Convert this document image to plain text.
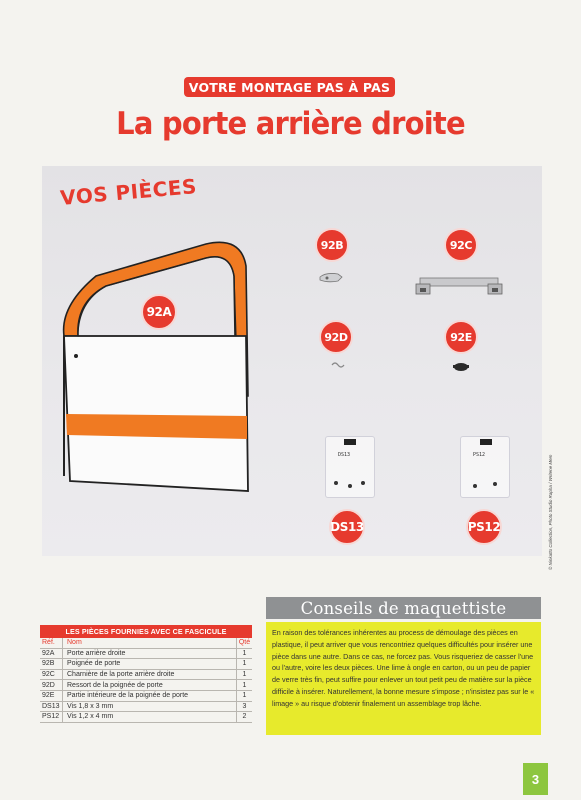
VOTRE MONTAGE PAS À PAS
La porte arrière droite
VOS PIÈCES
92A
92B	92C
92D	92E
DS13	PS12
DS13	PS12	© Ninkatto Collection, Photo Studio Rapha / Writene Mem
LES PIÈCES FOURNIES AVEC CE FASCICULE
Réf.	Nom	Qté
92A	Porte arrière droite	1
92B	Poignée de porte	1
92C	Charnière de la porte arrière droite	1
92D	Ressort de la poignée de porte	1
92E	Partie intérieure de la poignée de porte	1
DS13	Vis 1,8 x 3 mm	3
PS12	Vis 1,2 x 4 mm	2
Conseils de maquettiste
En raison des tolérances inhérentes au process de démoulage des pièces en plastique, il peut arriver que vous rencontriez quelques difficultés pour insérer une pièce dans une autre. Dans ce cas, ne forcez pas. Vous risqueriez de casser l'une ou l'autre, voire les deux pièces. Une lime à ongle en carton, ou un peu de papier de verre très fin, peut suffire pour enlever un tout petit peu de matière sur la pièce difficile à insérer. Naturellement, la bonne mesure s'impose ; n'insistez pas sur le « limage » au risque d'obtenir finalement un assemblage trop lâche.
3
